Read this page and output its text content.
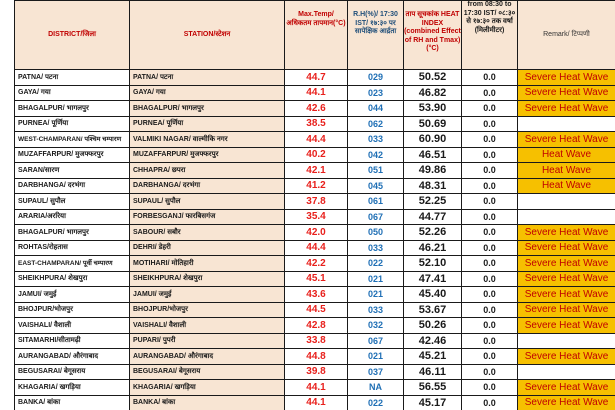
DISTRICT/जिला	STATION/स्टेशन	Max.Temp/ अधिकतम तापमान(°C)	R.H(%)/ 17:30 IST/ १७:३० पर सापेक्षिक आर्द्रता	ताप सूचकांक HEAT INDEX (combined Effect of RH and Tmax) (°C)	from 08:30 to 17:30 IST/ ०८:३० से १७:३० तक वर्षा (मिलीमीटर)	Remark/ टिप्पणी
PATNA/ पटना	PATNA/ पटना	44.7	029	50.52	0.0	Severe Heat Wave
GAYA/ गया	GAYA/ गया	44.1	023	46.82	0.0	Severe Heat Wave
BHAGALPUR/ भागलपुर	BHAGALPUR/ भागलपुर	42.6	044	53.90	0.0	Severe Heat Wave
PURNEA/ पूर्णिया	PURNEA/ पूर्णिया	38.5	062	50.69	0.0	
WEST-CHAMPARAN/ पश्चिम चम्पारण	VALMIKI NAGAR/ वाल्मीकि नगर	44.4	033	60.90	0.0	Severe Heat Wave
MUZAFFARPUR/ मुजफ्फरपुर	MUZAFFARPUR/ मुजफ्फरपुर	40.2	042	46.51	0.0	Heat Wave
SARAN/सारण	CHHAPRA/ छपरा	42.1	051	49.86	0.0	Heat Wave
DARBHANGA/ दरभंगा	DARBHANGA/ दरभंगा	41.2	045	48.31	0.0	Heat Wave
SUPAUL/ सुपौल	SUPAUL/ सुपौल	37.8	061	52.25	0.0	
ARARIA/अररिया	FORBESGANJ/ फारबिसगंज	35.4	067	44.77	0.0	
BHAGALPUR/ भागलपुर	SABOUR/ सबौर	42.0	050	52.26	0.0	Severe Heat Wave
ROHTAS/रोहतास	DEHRI/ डेहरी	44.4	033	46.21	0.0	Severe Heat Wave
EAST-CHAMPARAN/ पूर्वी चम्पारण	MOTIHARI/ मोतिहारी	42.2	022	52.10	0.0	Severe Heat Wave
SHEIKHPURA/ शेखपुरा	SHEIKHPURA/ शेखपुरा	45.1	021	47.41	0.0	Severe Heat Wave
JAMUI/ जमुई	JAMUI/ जमुई	43.6	021	45.40	0.0	Severe Heat Wave
BHOJPUR/भोजपुर	BHOJPUR/भोजपुर	44.5	033	53.67	0.0	Severe Heat Wave
VAISHALI/ वैशाली	VAISHALI/ वैशाली	42.8	032	50.26	0.0	Severe Heat Wave
SITAMARHI/सीतामढ़ी	PUPARI/ पुपरी	33.8	067	42.46	0.0	
AURANGABAD/ औरंगाबाद	AURANGABAD/ औरंगाबाद	44.8	021	45.21	0.0	Severe Heat Wave
BEGUSARAI/ बेगूसराय	BEGUSARAI/ बेगूसराय	39.8	037	46.11	0.0	
KHAGARIA/ खगड़िया	KHAGARIA/ खगड़िया	44.1	NA	56.55	0.0	Severe Heat Wave
BANKA/ बांका	BANKA/ बांका	44.1	022	45.17	0.0	Severe Heat Wave
